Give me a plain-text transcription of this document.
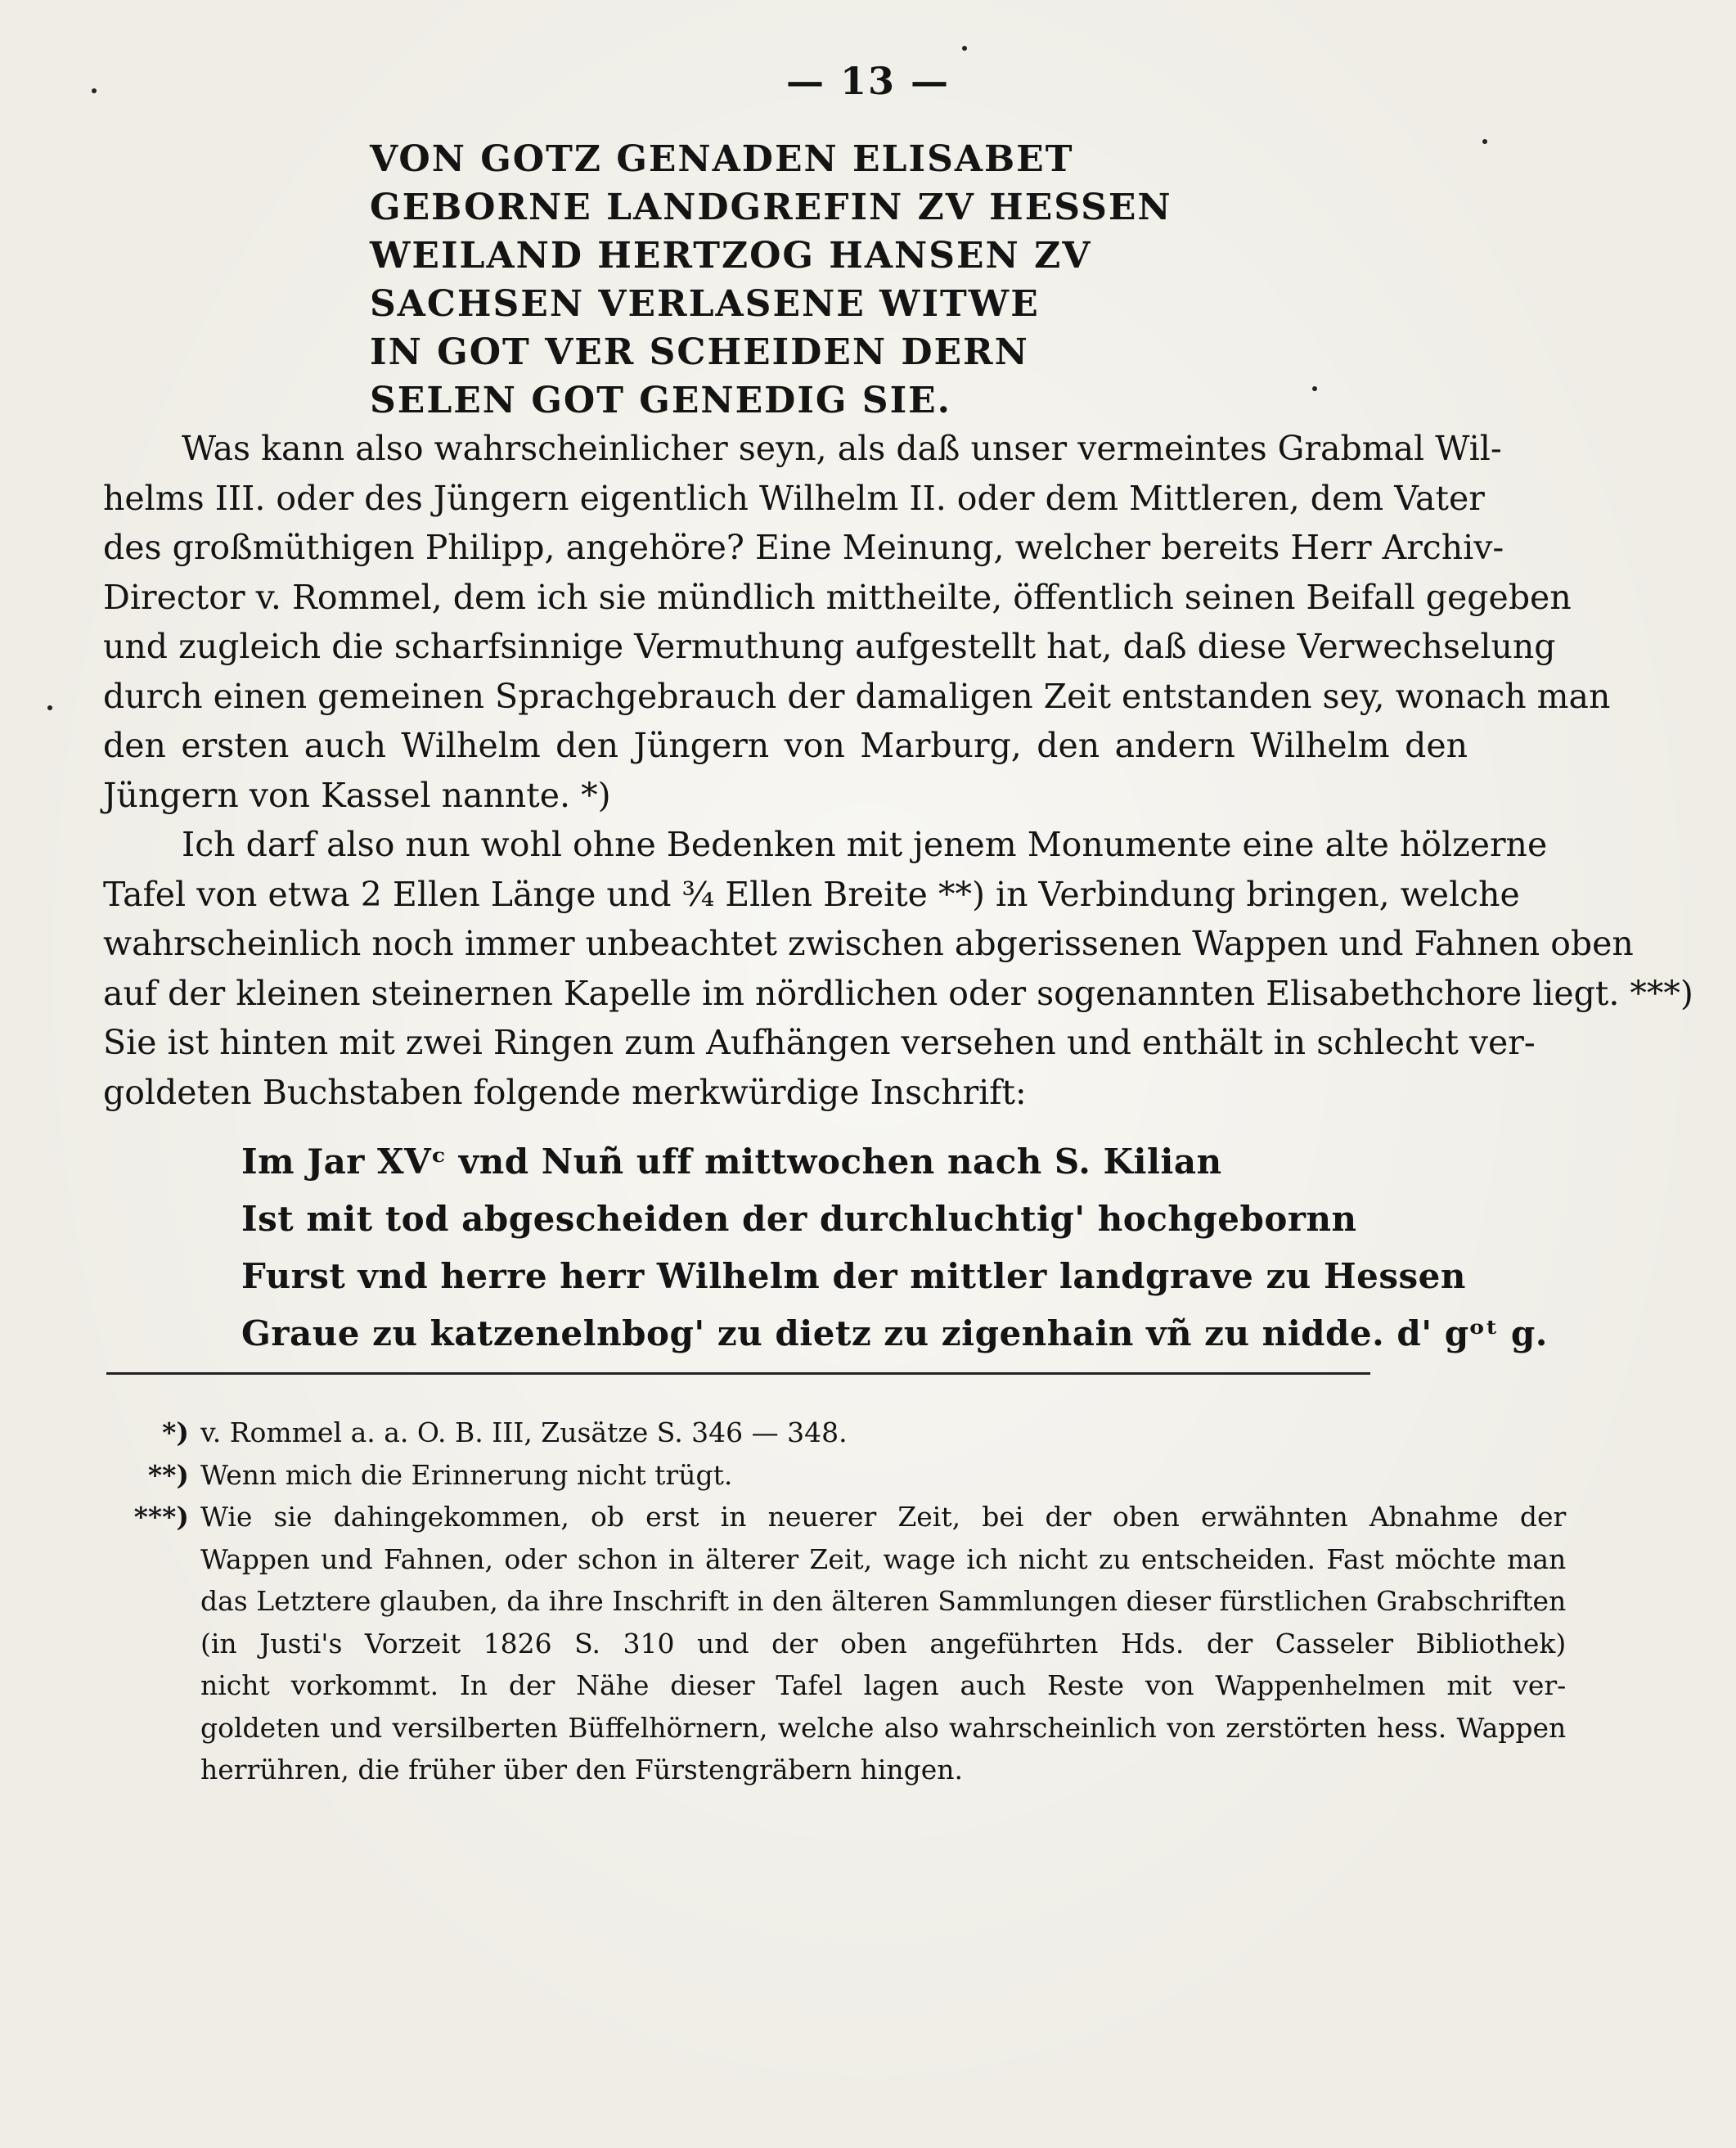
— 13 —
VON GOTZ GENADEN ELISABET
GEBORNE LANDGREFIN ZV HESSEN
WEILAND HERTZOG HANSEN ZV
SACHSEN VERLASENE WITWE
IN GOT VER SCHEIDEN DERN
SELEN GOT GENEDIG SIE.
Was kann also wahrscheinlicher seyn, als daß unser vermeintes Grabmal Wil-
helms III. oder des Jüngern eigentlich Wilhelm II. oder dem Mittleren, dem Vater
des großmüthigen Philipp, angehöre? Eine Meinung, welcher bereits Herr Archiv-
Director v. Rommel, dem ich sie mündlich mittheilte, öffentlich seinen Beifall gegeben
und zugleich die scharfsinnige Vermuthung aufgestellt hat, daß diese Verwechselung
durch einen gemeinen Sprachgebrauch der damaligen Zeit entstanden sey, wonach man
den ersten auch Wilhelm den Jüngern von Marburg, den andern Wilhelm den
Jüngern von Kassel nannte. *)
Ich darf also nun wohl ohne Bedenken mit jenem Monumente eine alte hölzerne
Tafel von etwa 2 Ellen Länge und ¾ Ellen Breite **) in Verbindung bringen, welche
wahrscheinlich noch immer unbeachtet zwischen abgerissenen Wappen und Fahnen oben
auf der kleinen steinernen Kapelle im nördlichen oder sogenannten Elisabethchore liegt. ***)
Sie ist hinten mit zwei Ringen zum Aufhängen versehen und enthält in schlecht ver-
goldeten Buchstaben folgende merkwürdige Inschrift:
Im Jar XVᶜ vnd Nuñ uff mittwochen nach S. Kilian
Ist mit tod abgescheiden der durchluchtig' hochgebornn
Furst vnd herre herr Wilhelm der mittler landgrave zu Hessen
Graue zu katzenelnbog' zu dietz zu zigenhain vñ zu nidde. d' gᵒᵗ g.
*) v. Rommel a. a. O. B. III, Zusätze S. 346 — 348.
**) Wenn mich die Erinnerung nicht trügt.
***) Wie sie dahingekommen, ob erst in neuerer Zeit, bei der oben erwähnten Abnahme der
Wappen und Fahnen, oder schon in älterer Zeit, wage ich nicht zu entscheiden. Fast möchte man
das Letztere glauben, da ihre Inschrift in den älteren Sammlungen dieser fürstlichen Grabschriften
(in Justi's Vorzeit 1826 S. 310 und der oben angeführten Hds. der Casseler Bibliothek)
nicht vorkommt. In der Nähe dieser Tafel lagen auch Reste von Wappenhelmen mit ver-
goldeten und versilberten Büffelhörnern, welche also wahrscheinlich von zerstörten hess. Wappen
herrühren, die früher über den Fürstengräbern hingen.
